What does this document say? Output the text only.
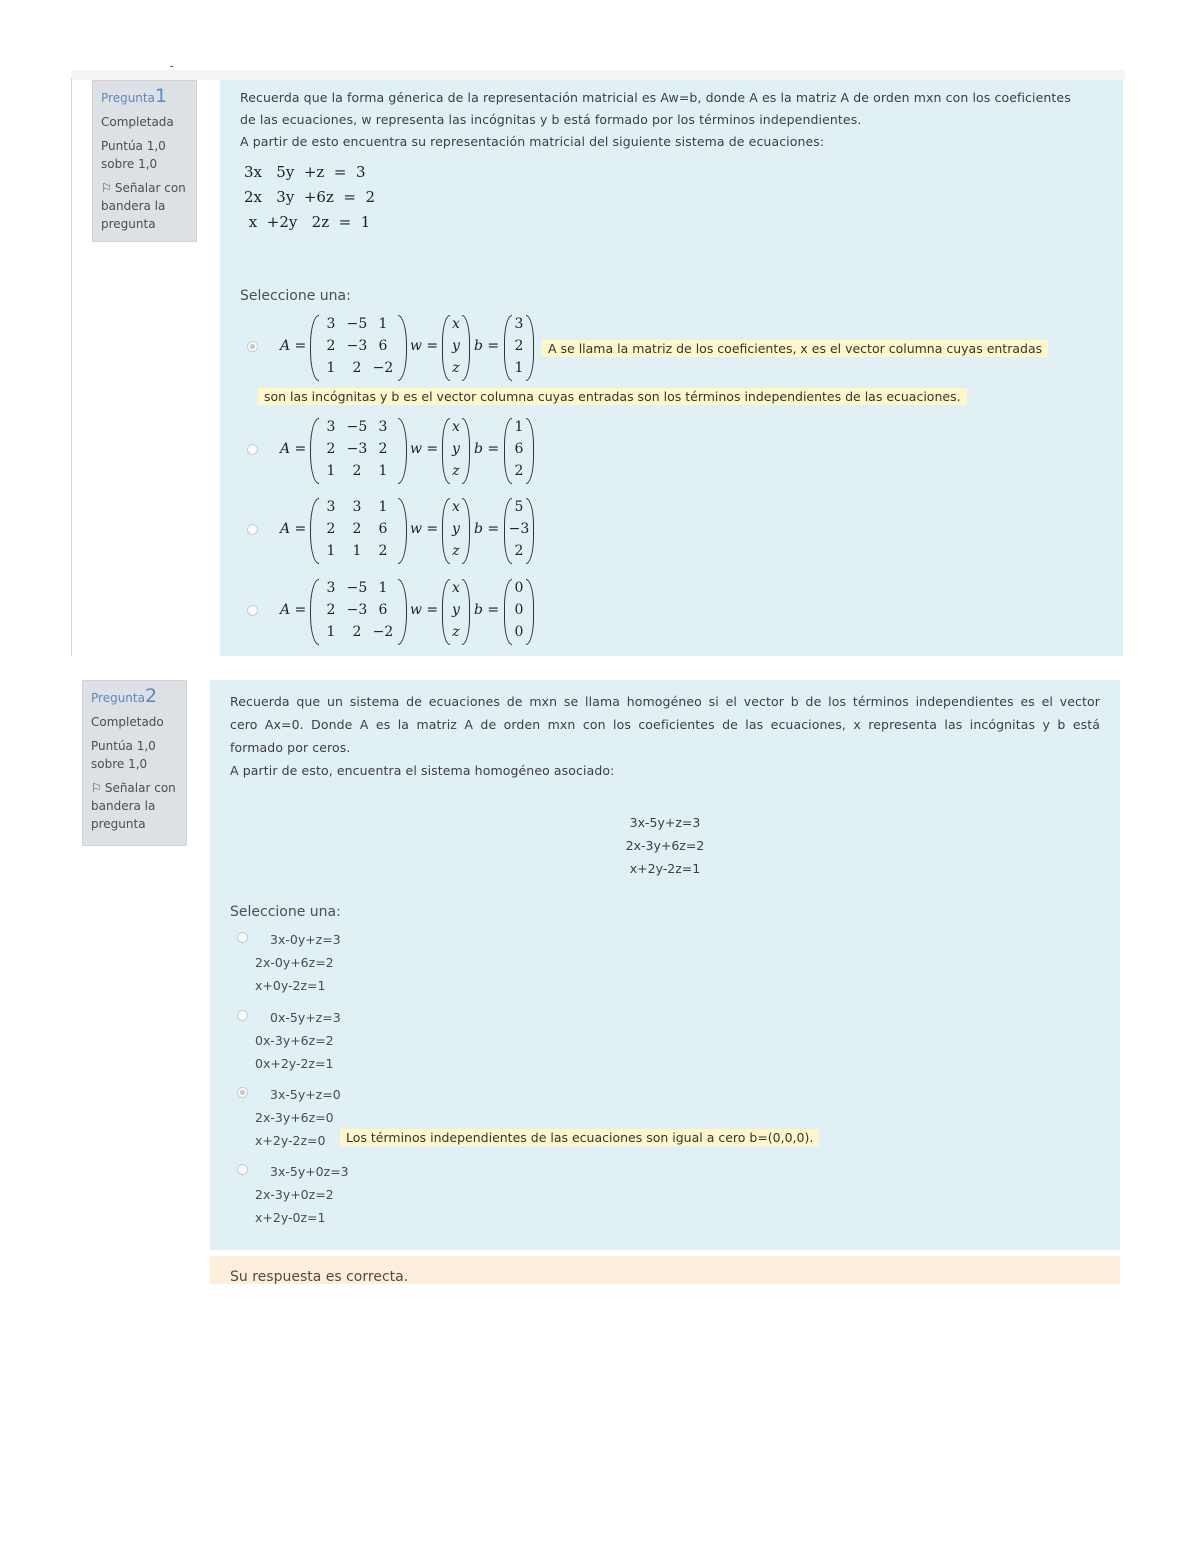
Pregunta1
Completada
Puntúa 1,0 sobre 1,0
⚐ Señalar con bandera la pregunta
Recuerda que la forma génerica de la representación matricial es Aw=b, donde A es la matriz A de orden mxn con los coeficientes
de las ecuaciones, w representa las incógnitas y b está formado por los términos independientes.
A partir de esto encuentra su representación matricial del siguiente sistema de ecuaciones:
3x   5y  +z  =  3
2x   3y  +6z  =  2
x  +2y   2z  =  1
Seleccione una:
A =
3 −5 1
2 −3 6
1	2 −2
w =
x
y
z
b =
3
2
1
A =
3 −5 3
2 −3 2
1	2	1
w =
x
y
z
b =
1
6
2
A =
3	3	1
2	2	6
1	1	2
w =
x
y
z
b =
5
−3
2
A =
3 −5 1
2 −3 6
1	2 −2
w =
x
y
z
b =
0
0
0
A se llama la matriz de los coeficientes, x es el vector columna cuyas entradas
son las incógnitas y b es el vector columna cuyas entradas son los términos independientes de las ecuaciones.
Pregunta2
Completado
Puntúa 1,0 sobre 1,0
⚐ Señalar con bandera la pregunta
Recuerda que un sistema de ecuaciones de mxn se llama homogéneo si el vector b de los términos independientes es el vector
cero Ax=0. Donde A es la matriz A de orden mxn con los coeficientes de las ecuaciones, x representa las incógnitas y b está
formado por ceros.
A partir de esto, encuentra el sistema homogéneo asociado:
3x-5y+z=3
2x-3y+6z=2
x+2y-2z=1
Seleccione una:
3x-0y+z=3
2x-0y+6z=2
x+0y-2z=1
0x-5y+z=3
0x-3y+6z=2
0x+2y-2z=1
3x-5y+z=0
2x-3y+6z=0
x+2y-2z=0	Los términos independientes de las ecuaciones son igual a cero b=(0,0,0).
3x-5y+0z=3
2x-3y+0z=2
x+2y-0z=1
Su respuesta es correcta.
